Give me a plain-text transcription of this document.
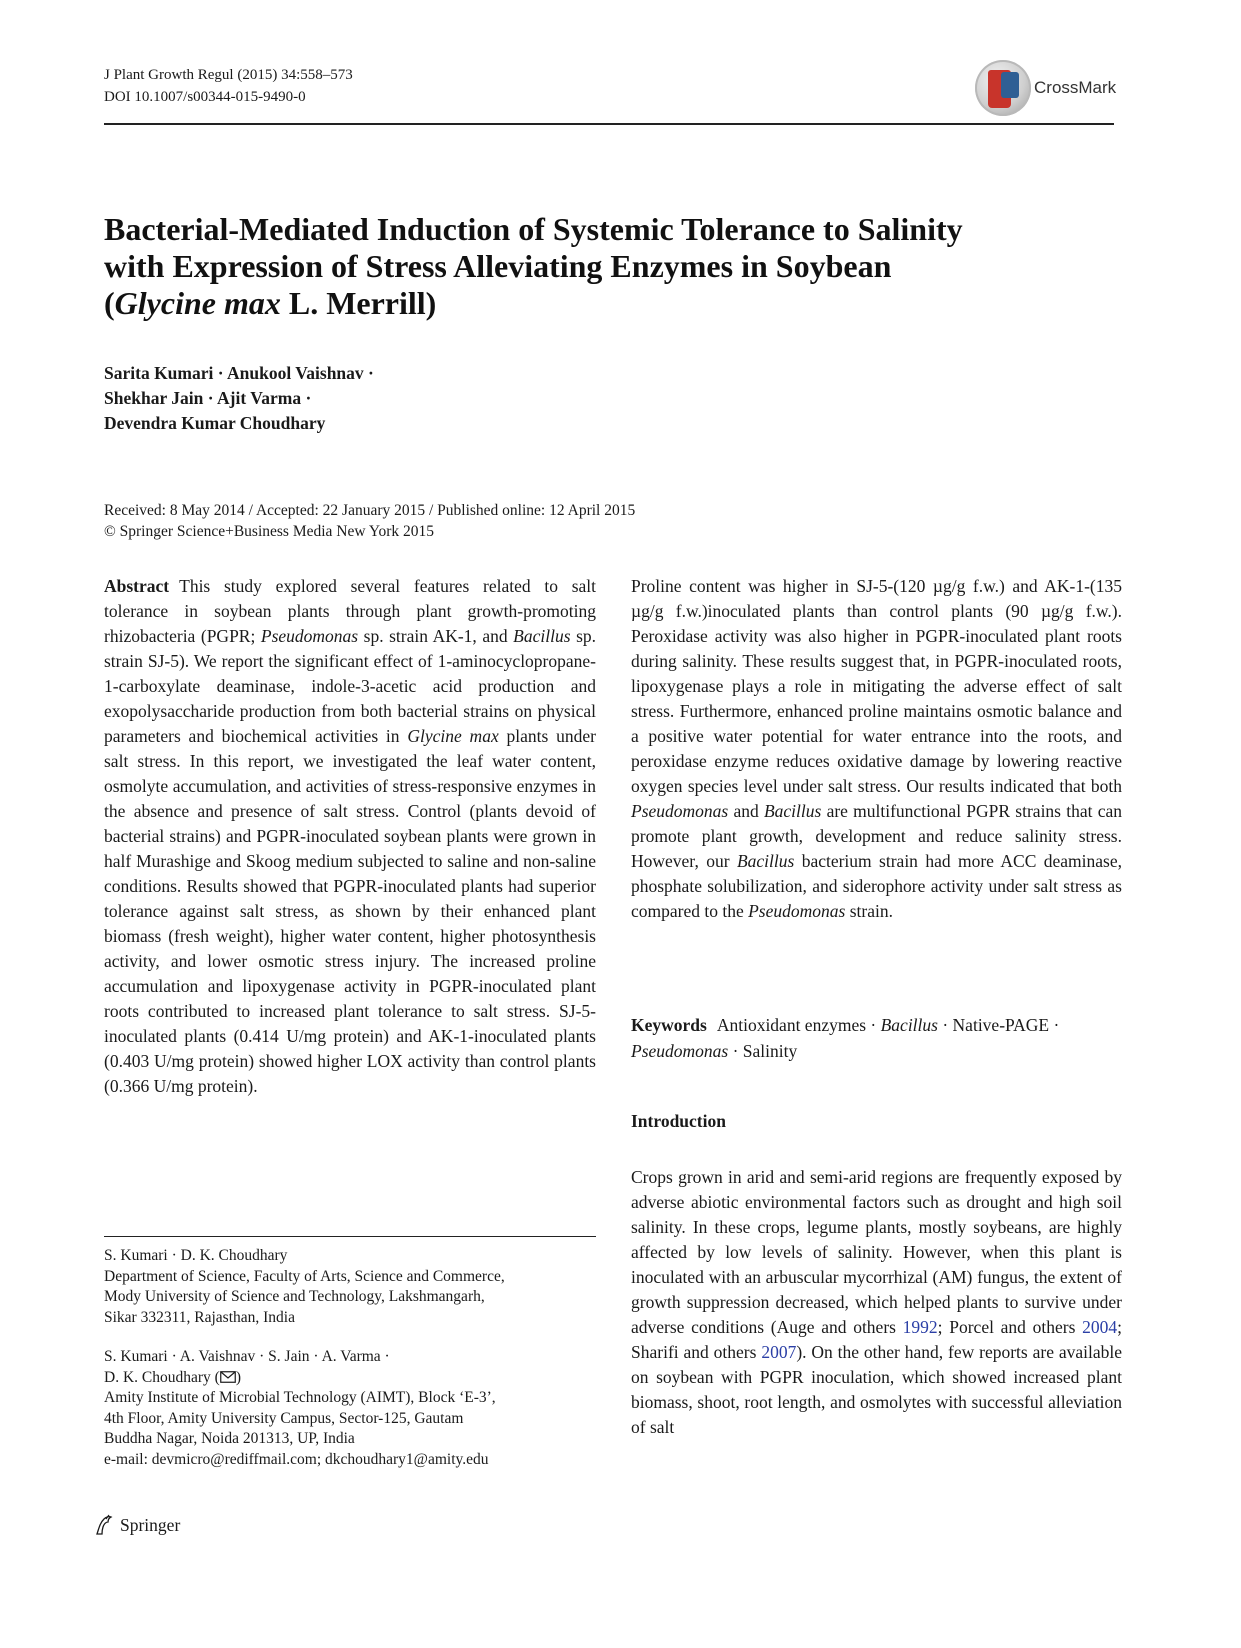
J Plant Growth Regul (2015) 34:558–573
DOI 10.1007/s00344-015-9490-0	CrossMark
Bacterial-Mediated Induction of Systemic Tolerance to Salinity
with Expression of Stress Alleviating Enzymes in Soybean
(Glycine max L. Merrill)
Sarita Kumari · Anukool Vaishnav ·
Shekhar Jain · Ajit Varma ·
Devendra Kumar Choudhary
Received: 8 May 2014 / Accepted: 22 January 2015 / Published online: 12 April 2015
© Springer Science+Business Media New York 2015

Abstract This study explored several features related to salt tolerance in soybean plants through plant growth-promoting rhizobacteria (PGPR; Pseudomonas sp. strain AK-1, and Bacillus sp. strain SJ-5). We report the significant effect of 1-aminocyclopropane-1-carboxylate deaminase, indole-3-acetic acid production and exopolysaccharide production from both bacterial strains on physical parameters and biochemical activities in Glycine max plants under salt stress. In this report, we investigated the leaf water content, osmolyte accumulation, and activities of stress-responsive enzymes in the absence and presence of salt stress. Control (plants devoid of bacterial strains) and PGPR-inoculated soybean plants were grown in half Murashige and Skoog medium subjected to saline and non-saline conditions. Results showed that PGPR-inoculated plants had superior tolerance against salt stress, as shown by their enhanced plant biomass (fresh weight), higher water content, higher photosynthesis activity, and lower osmotic stress injury. The increased proline accumulation and lipoxygenase activity in PGPR-inoculated plant roots contributed to increased plant tolerance to salt stress. SJ-5-inoculated plants (0.414 U/mg protein) and AK-1-inoculated plants (0.403 U/mg protein) showed higher LOX activity than control plants (0.366 U/mg protein).

S. Kumari · D. K. Choudhary
Department of Science, Faculty of Arts, Science and Commerce,
Mody University of Science and Technology, Lakshmangarh,
Sikar 332311, Rajasthan, India
S. Kumari · A. Vaishnav · S. Jain · A. Varma ·
D. K. Choudhary ( )
Amity Institute of Microbial Technology (AIMT), Block ‘E-3’,
4th Floor, Amity University Campus, Sector-125, Gautam
Buddha Nagar, Noida 201313, UP, India
e-mail: devmicro@rediffmail.com; dkchoudhary1@amity.edu

Proline content was higher in SJ-5-(120 µg/g f.w.) and AK-1-(135 µg/g f.w.)inoculated plants than control plants (90 µg/g f.w.). Peroxidase activity was also higher in PGPR-inoculated plant roots during salinity. These results suggest that, in PGPR-inoculated roots, lipoxygenase plays a role in mitigating the adverse effect of salt stress. Furthermore, enhanced proline maintains osmotic balance and a positive water potential for water entrance into the roots, and peroxidase enzyme reduces oxidative damage by lowering reactive oxygen species level under salt stress. Our results indicated that both Pseudomonas and Bacillus are multifunctional PGPR strains that can promote plant growth, development and reduce salinity stress. However, our Bacillus bacterium strain had more ACC deaminase, phosphate solubilization, and siderophore activity under salt stress as compared to the Pseudomonas strain.

Keywords Antioxidant enzymes · Bacillus · Native-PAGE · Pseudomonas · Salinity
Introduction

Crops grown in arid and semi-arid regions are frequently exposed by adverse abiotic environmental factors such as drought and high soil salinity. In these crops, legume plants, mostly soybeans, are highly affected by low levels of salinity. However, when this plant is inoculated with an arbuscular mycorrhizal (AM) fungus, the extent of growth suppression decreased, which helped plants to survive under adverse conditions (Auge and others 1992; Porcel and others 2004; Sharifi and others 2007). On the other hand, few reports are available on soybean with PGPR inoculation, which showed increased plant biomass, shoot, root length, and osmolytes with successful alleviation of salt

Springer
